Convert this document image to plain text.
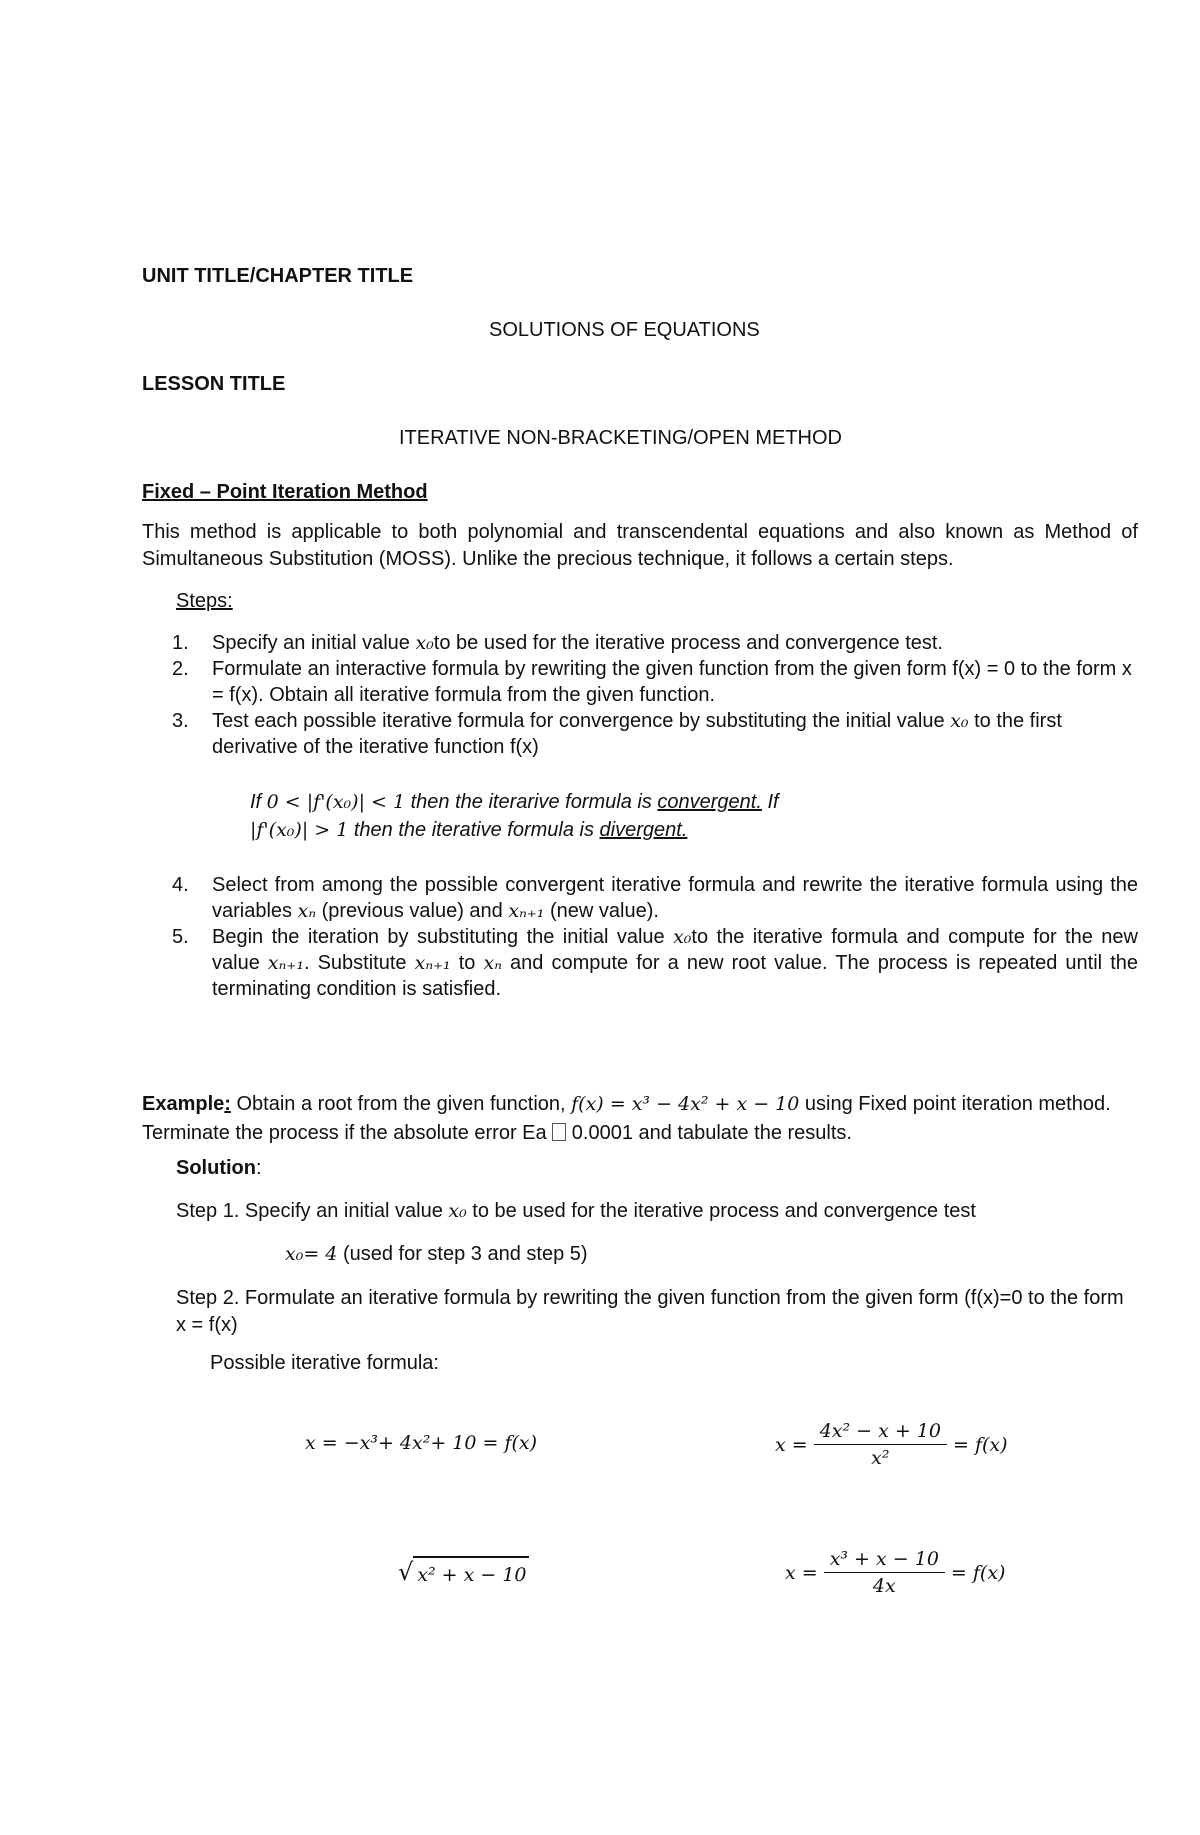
UNIT TITLE/CHAPTER TITLE
SOLUTIONS OF EQUATIONS
LESSON TITLE
ITERATIVE NON-BRACKETING/OPEN METHOD
Fixed – Point Iteration Method
This method is applicable to both polynomial and transcendental equations and also known as Method of Simultaneous Substitution (MOSS). Unlike the precious technique, it follows a certain steps.
Steps:
1. Specify an initial value x₀to be used for the iterative process and convergence test.
2. Formulate an interactive formula by rewriting the given function from the given form f(x) = 0 to the form x = f(x). Obtain all iterative formula from the given function.
3. Test each possible iterative formula for convergence by substituting the initial value x₀ to the first derivative of the iterative function f(x)
If 0 < |f'(x₀)| < 1 then the iterarive formula is convergent. If
|f'(x₀)| > 1 then the iterative formula is divergent.
4. Select from among the possible convergent iterative formula and rewrite the iterative formula using the variables xₙ (previous value) and xₙ₊₁ (new value).
5. Begin the iteration by substituting the initial value x₀to the iterative formula and compute for the new value xₙ₊₁. Substitute xₙ₊₁ to xₙ and compute for a new root value. The process is repeated until the terminating condition is satisfied.
Example: Obtain a root from the given function, f(x) = x³ − 4x² + x − 10 using Fixed point iteration method. Terminate the process if the absolute error Ea  0.0001 and tabulate the results.
Solution:
Step 1. Specify an initial value x₀ to be used for the iterative process and convergence test
x₀= 4 (used for step 3 and step 5)
Step 2. Formulate an iterative formula by rewriting the given function from the given form (f(x)=0 to the form x = f(x)
Possible iterative formula:
x = −x³+ 4x²+ 10 = f(x)	$x = \frac{\text{4x² − x + 10}}{\text{x²}} = f(x)$
√ x² + x − 10	$x = \frac{\text{x³ + x − 10}}{4x} = f(x)$
